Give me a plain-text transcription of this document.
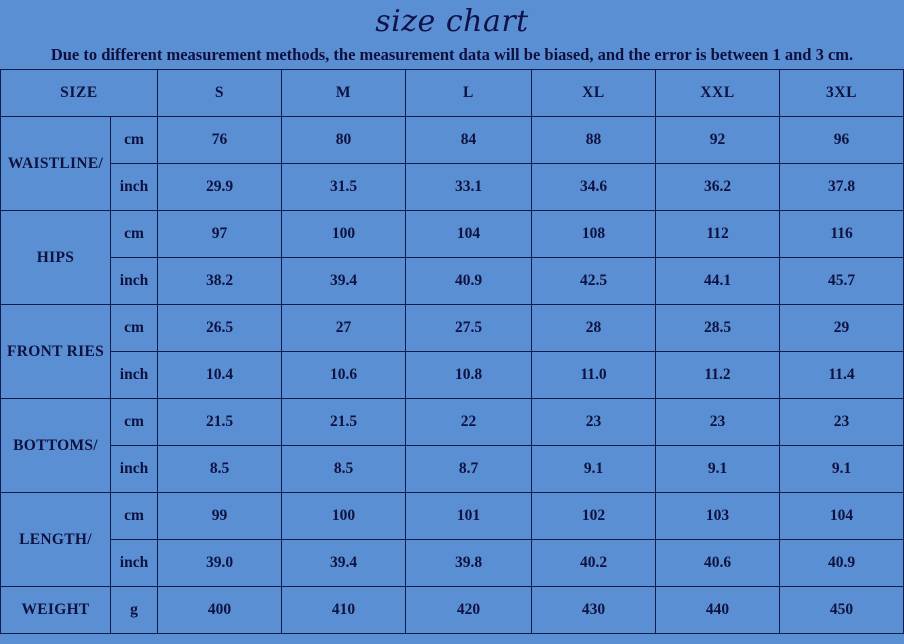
size chart
Due to different measurement methods, the measurement data will be biased, and the error is between 1 and 3 cm.
SIZE		S	M	L	XL	XXL	3XL
WAISTLINE/	cm	76	80	84	88	92	96
	inch	29.9	31.5	33.1	34.6	36.2	37.8
HIPS	cm	97	100	104	108	112	116
	inch	38.2	39.4	40.9	42.5	44.1	45.7
FRONT RIES	cm	26.5	27	27.5	28	28.5	29
	inch	10.4	10.6	10.8	11.0	11.2	11.4
BOTTOMS/	cm	21.5	21.5	22	23	23	23
	inch	8.5	8.5	8.7	9.1	9.1	9.1
LENGTH/	cm	99	100	101	102	103	104
	inch	39.0	39.4	39.8	40.2	40.6	40.9
WEIGHT	g	400	410	420	430	440	450
